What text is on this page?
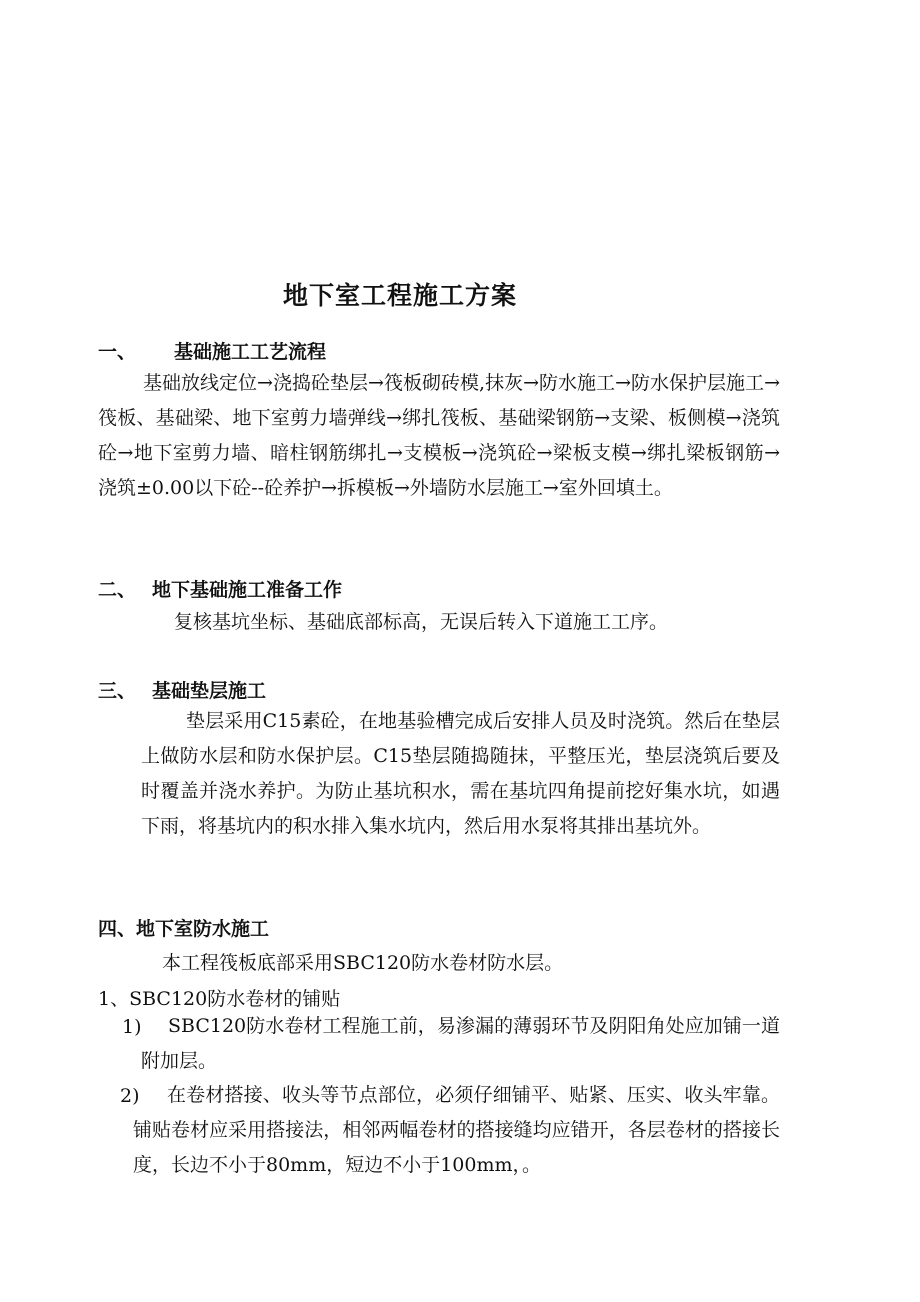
地下室工程施工方案
一、 基础施工工艺流程
基础放线定位→浇捣砼垫层→筏板砌砖模,抹灰→防水施工→防水保护层施工→筏板、基础梁、地下室剪力墙弹线→绑扎筏板、基础梁钢筋→支梁、板侧模→浇筑砼→地下室剪力墙、暗柱钢筋绑扎→支模板→浇筑砼→梁板支模→绑扎梁板钢筋→浇筑±0.00以下砼--砼养护→拆模板→外墙防水层施工→室外回填土。
二、 地下基础施工准备工作
复核基坑坐标、基础底部标高，无误后转入下道施工工序。
三、 基础垫层施工
垫层采用C15素砼，在地基验槽完成后安排人员及时浇筑。然后在垫层上做防水层和防水保护层。C15垫层随捣随抹，平整压光，垫层浇筑后要及时覆盖并浇水养护。为防止基坑积水，需在基坑四角提前挖好集水坑，如遇下雨，将基坑内的积水排入集水坑内，然后用水泵将其排出基坑外。
四、地下室防水施工
本工程筏板底部采用SBC120防水卷材防水层。
1、SBC120防水卷材的铺贴
1)	SBC120防水卷材工程施工前，易渗漏的薄弱环节及阴阳角处应加铺一道附加层。
2)	在卷材搭接、收头等节点部位，必须仔细铺平、贴紧、压实、收头牢靠。铺贴卷材应采用搭接法，相邻两幅卷材的搭接缝均应错开，各层卷材的搭接长度，长边不小于80mm，短边不小于100mm，。
